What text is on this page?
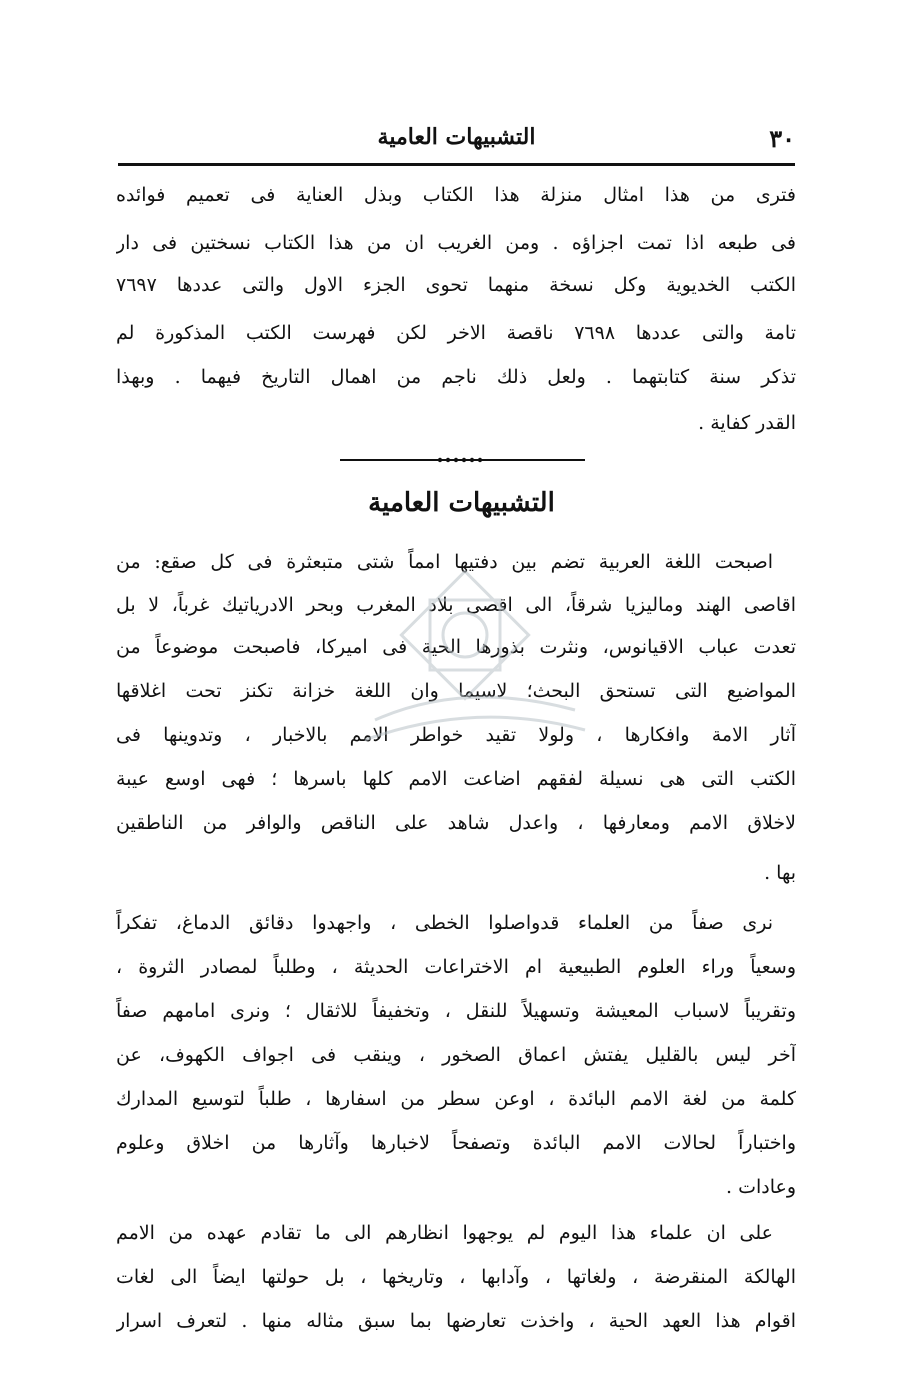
٣٠
التشبيهات العامية
فترى من هذا امثال منزلة هذا الكتاب وبذل العناية فى تعميم فوائده
فى طبعه اذا تمت اجزاؤه . ومن الغريب ان من هذا الكتاب نسختين فى دار
الكتب الخديوية وكل نسخة منهما تحوى الجزء الاول والتى عددها ٧٦٩٧
تامة والتى عددها ٧٦٩٨ ناقصة الاخر لكن فهرست الكتب المذكورة لم
تذكر سنة كتابتهما . ولعل ذلك ناجم من اهمال التاريخ فيهما . وبهذا
القدر كفاية .
التشبيهات العامية
اصبحت اللغة العربية تضم بين دفتيها امماً شتى متبعثرة فى كل صقع: من
اقاصى الهند وماليزيا شرقاً، الى اقصى بلاد المغرب وبحر الادرياتيك غرباً، لا بل
تعدت عباب الاقيانوس، ونثرت بذورها الحية فى اميركا، فاصبحت موضوعاً من
المواضيع التى تستحق البحث؛ لاسيما وان اللغة خزانة تكنز تحت اغلاقها
آثار الامة وافكارها ، ولولا تقيد خواطر الامم بالاخبار ، وتدوينها فى
الكتب التى هى نسيلة لفقهم اضاعت الامم كلها باسرها ؛ فهى اوسع عيبة
لاخلاق الامم ومعارفها ، واعدل شاهد على الناقص والوافر من الناطقين
بها .
نرى صفاً من العلماء قدواصلوا الخطى ، واجهدوا دقائق الدماغ، تفكراً
وسعياً وراء العلوم الطبيعية ام الاختراعات الحديثة ، وطلباً لمصادر الثروة ،
وتقريباً لاسباب المعيشة وتسهيلاً للنقل ، وتخفيفاً للاثقال ؛ ونرى امامهم صفاً
آخر ليس بالقليل يفتش اعماق الصخور ، وينقب فى اجواف الكهوف، عن
كلمة من لغة الامم البائدة ، اوعن سطر من اسفارها ، طلباً لتوسيع المدارك
واختباراً لحالات الامم البائدة وتصفحاً لاخبارها وآثارها من اخلاق وعلوم
وعادات .
على ان علماء هذا اليوم لم يوجهوا انظارهم الى ما تقادم عهده من الامم
الهالكة المنقرضة ، ولغاتها ، وآدابها ، وتاريخها ، بل حولتها ايضاً الى لغات
اقوام هذا العهد الحية ، واخذت تعارضها بما سبق مثاله منها . لتعرف اسرار
